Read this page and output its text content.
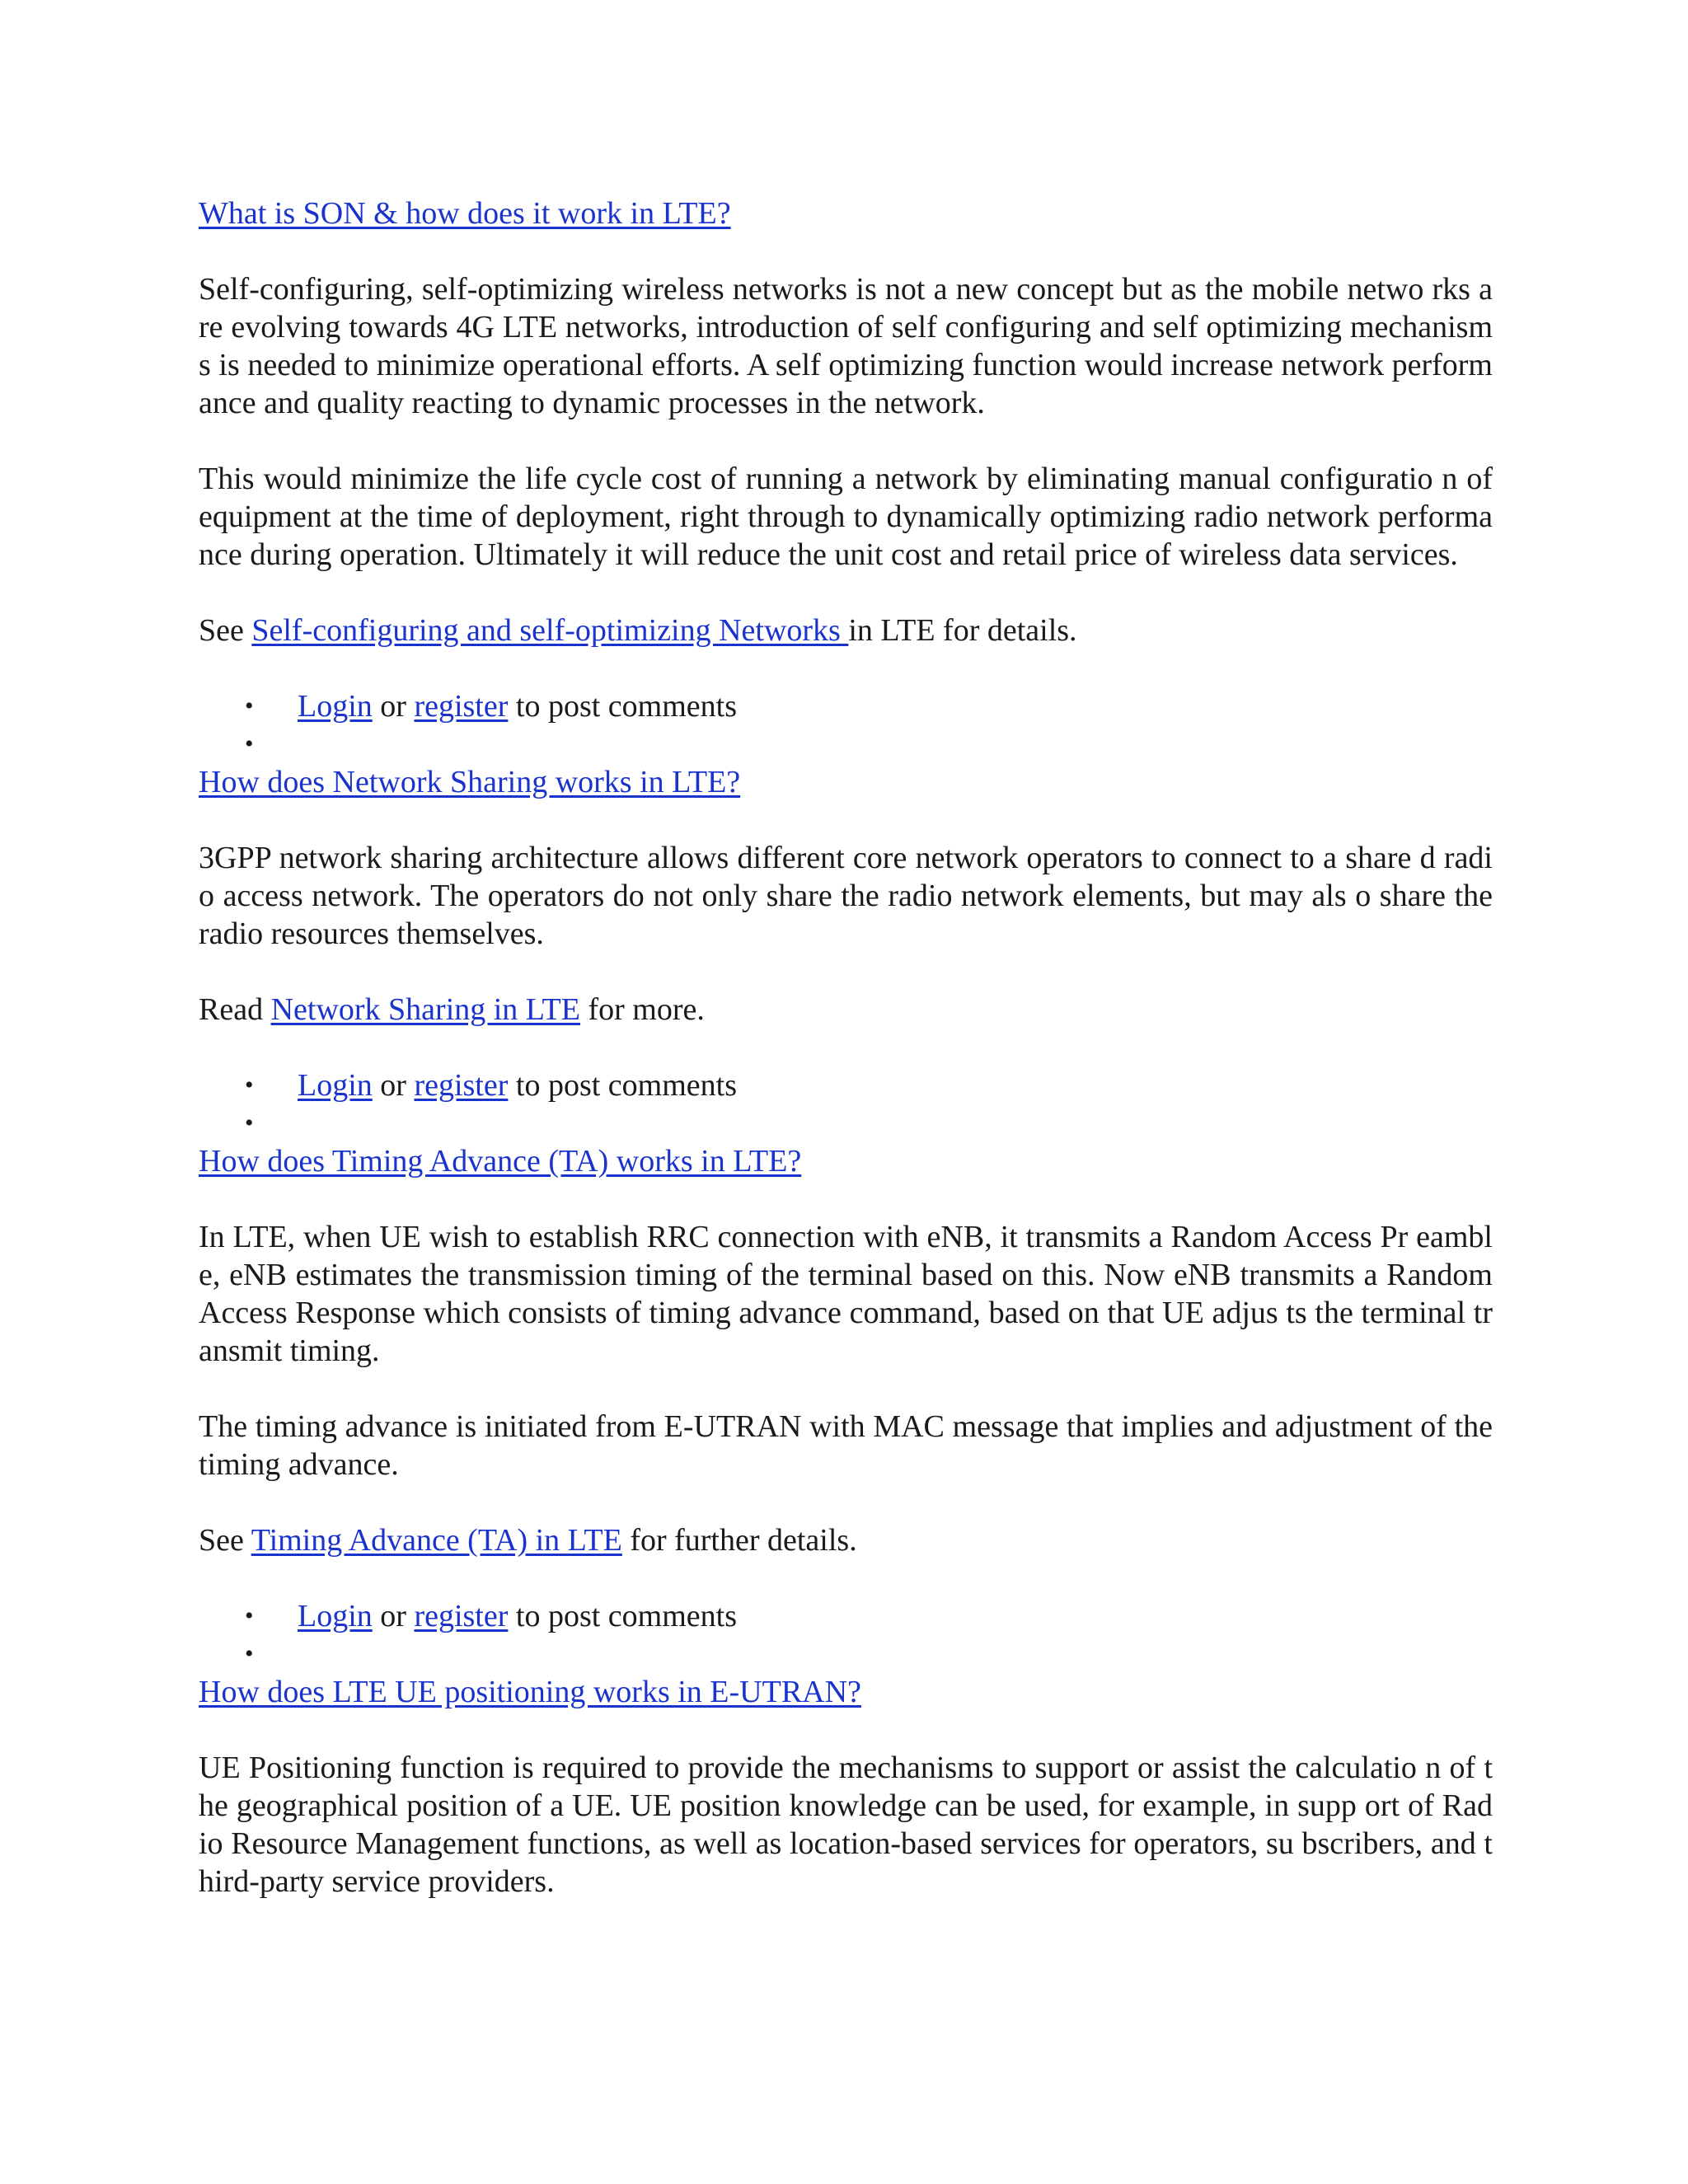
What is SON & how does it work in LTE?

Self-configuring, self-optimizing wireless networks is not a new concept but as the mobile netwo rks are evolving towards 4G LTE networks, introduction of self configuring and self optimizing mechanisms is needed to minimize operational efforts. A self optimizing function would increase network performance and quality reacting to dynamic processes in the network.

This would minimize the life cycle cost of running a network by eliminating manual configuratio n of equipment at the time of deployment, right through to dynamically optimizing radio network performance during operation. Ultimately it will reduce the unit cost and retail price of wireless data services.

See Self-configuring and self-optimizing Networks in LTE for details.

• Login or register to post comments
•
How does Network Sharing works in LTE?

3GPP network sharing architecture allows different core network operators to connect to a share d radio access network. The operators do not only share the radio network elements, but may als o share the radio resources themselves.

Read Network Sharing in LTE for more.

• Login or register to post comments
•
How does Timing Advance (TA) works in LTE?

In LTE, when UE wish to establish RRC connection with eNB, it transmits a Random Access Pr eamble, eNB estimates the transmission timing of the terminal based on this. Now eNB transmits a Random Access Response which consists of timing advance command, based on that UE adjus ts the terminal transmit timing.

The timing advance is initiated from E-UTRAN with MAC message that implies and adjustment of the timing advance.

See Timing Advance (TA) in LTE for further details.

• Login or register to post comments
•
How does LTE UE positioning works in E-UTRAN?

UE Positioning function is required to provide the mechanisms to support or assist the calculatio n of the geographical position of a UE. UE position knowledge can be used, for example, in supp ort of Radio Resource Management functions, as well as location-based services for operators, su bscribers, and third-party service providers.
